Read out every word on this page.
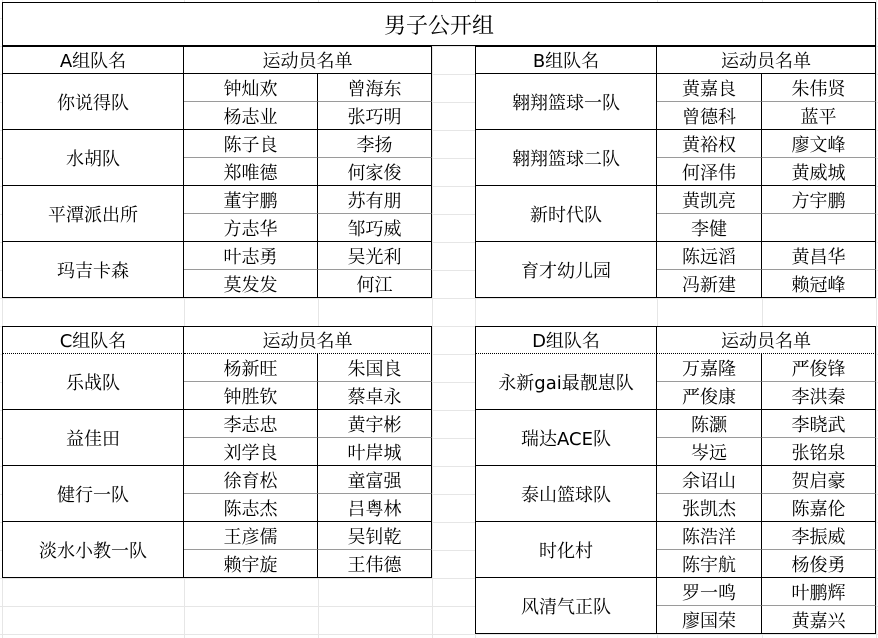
男子公开组
A组队名	运动员名单
你说得队
钟灿欢	曾海东
杨志业	张巧明
水胡队
陈子良	李扬
郑唯德	何家俊
平潭派出所
董宇鹏	苏有朋
方志华	邹巧威
玛吉卡森
叶志勇	吴光利
莫发发	何江
B组队名	运动员名单
翱翔篮球一队
黄嘉良	朱伟贤
曾德科	蓝平
翱翔篮球二队
黄裕权	廖文峰
何泽伟	黄威城
新时代队
黄凯亮	方宇鹏
李健
育才幼儿园
陈远滔	黄昌华
冯新建	赖冠峰
C组队名	运动员名单
乐战队
杨新旺	朱国良
钟胜钦	蔡卓永
益佳田
李志忠	黄宇彬
刘学良	叶岸城
健行一队
徐育松	童富强
陈志杰	吕粤林
淡水小教一队
王彦儒	吴钊乾
赖宇旋	王伟德
D组队名	运动员名单
永新gai最靓崽队
万嘉隆	严俊锋
严俊康	李洪秦
瑞达ACE队
陈灏	李晓武
岑远	张铭泉
泰山篮球队
余诏山	贺启豪
张凯杰	陈嘉伦
时化村
陈浩洋	李振威
陈宇航	杨俊勇
风清气正队
罗一鸣	叶鹏辉
廖国荣	黄嘉兴
